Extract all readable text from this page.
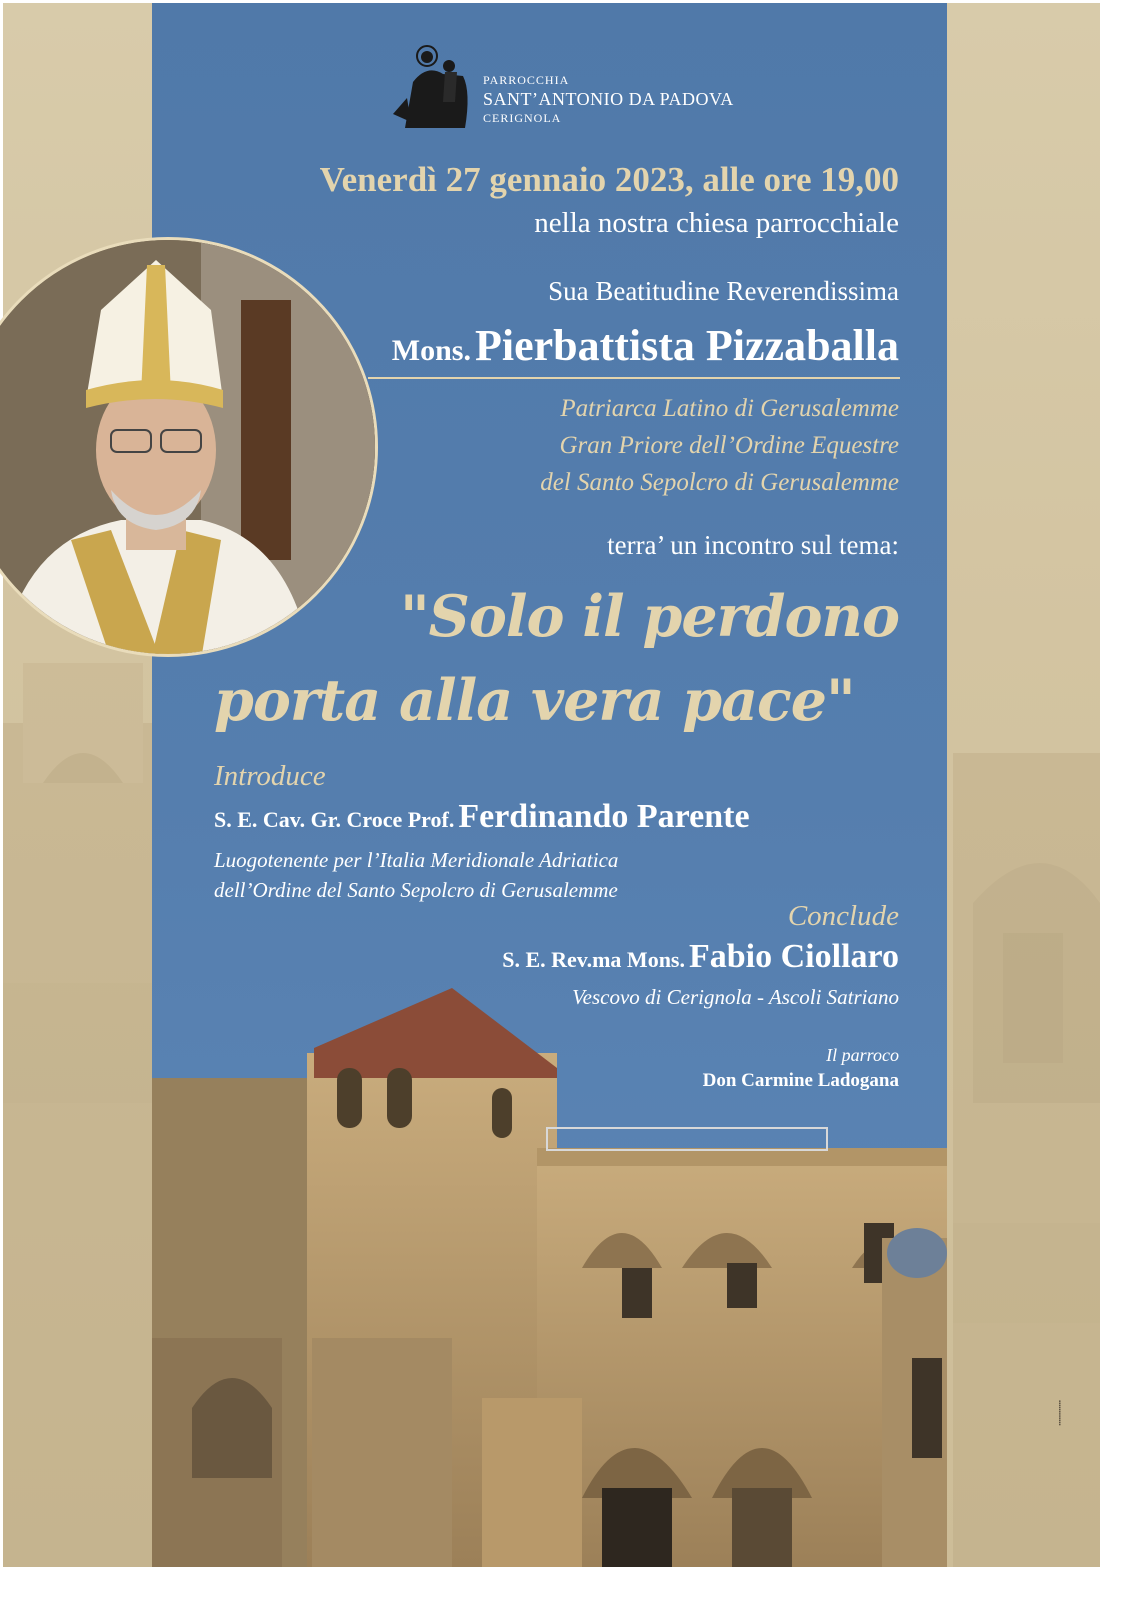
PARROCCHIA
SANT’ANTONIO DA PADOVA
CERIGNOLA
Venerdì 27 gennaio 2023, alle ore 19,00
nella nostra chiesa parrocchiale
Sua Beatitudine Reverendissima
Mons. Pierbattista Pizzaballa
Patriarca Latino di Gerusalemme
Gran Priore dell’Ordine Equestre
del Santo Sepolcro di Gerusalemme
terra’ un incontro sul tema:
"Solo il perdono
porta alla vera pace"
Introduce
S. E. Cav. Gr. Croce Prof. Ferdinando Parente
Luogotenente per l’Italia Meridionale Adriatica
dell’Ordine del Santo Sepolcro di Gerusalemme
Conclude
S. E. Rev.ma Mons. Fabio Ciollaro
Vescovo di Cerignola - Ascoli Satriano
Il parroco
Don Carmine Ladogana
▪▪▪▪▪▪▪▪▪▪▪▪
